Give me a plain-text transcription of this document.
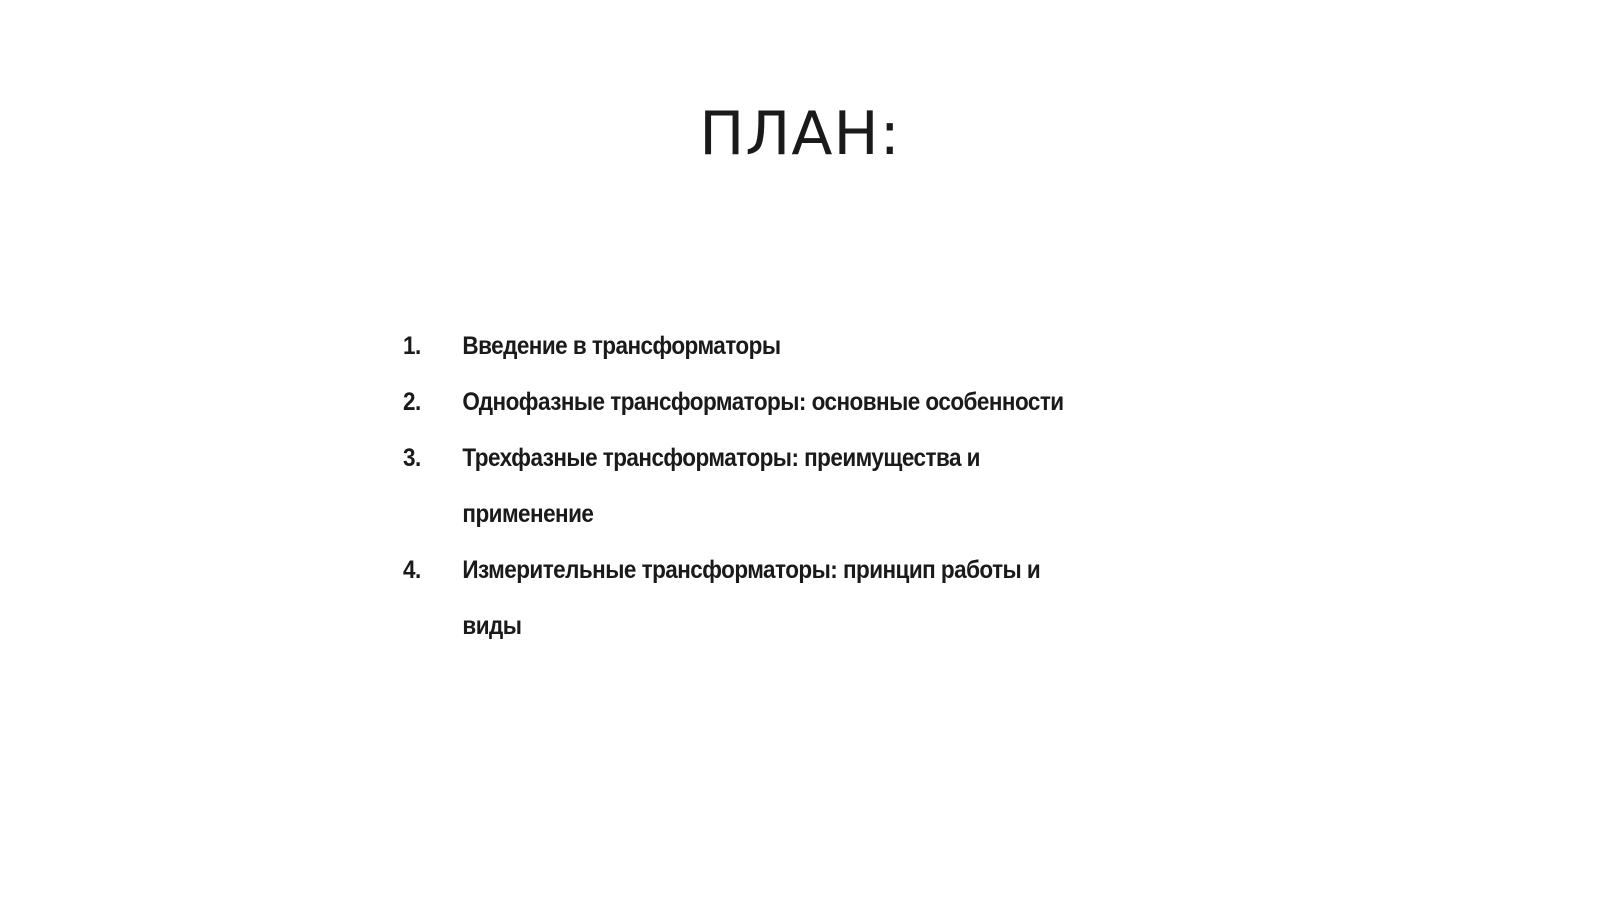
ПЛАН:
1.	Введение в трансформаторы
2.	Однофазные трансформаторы: основные особенности
3.	Трехфазные трансформаторы: преимущества и применение
4.	Измерительные трансформаторы: принцип работы и виды
